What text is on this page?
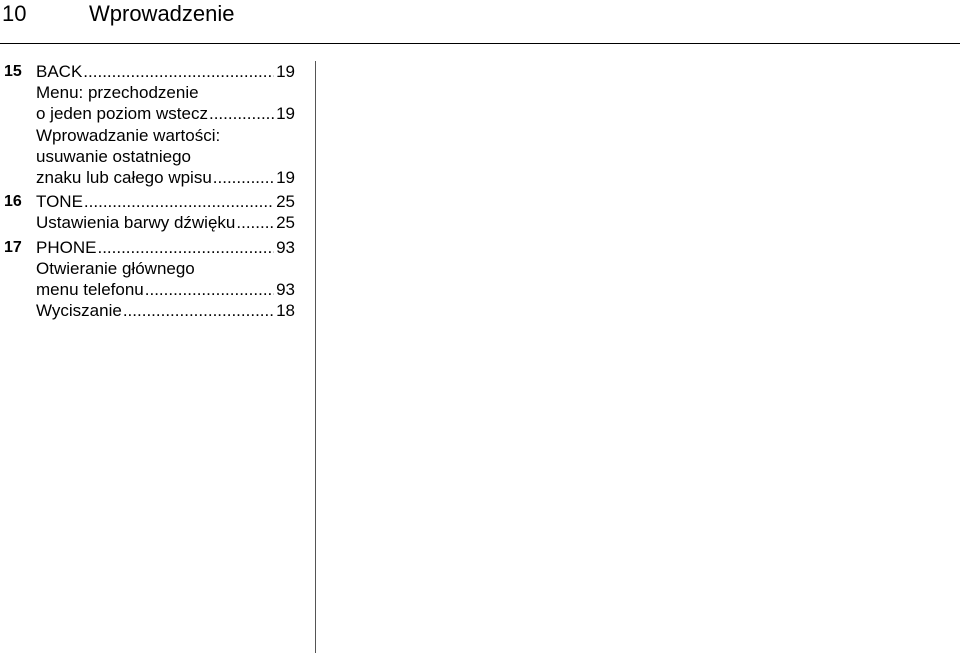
10	Wprowadzenie
15 BACK .....	19
Menu: przechodzenie
o jeden poziom wstecz .....	19
Wprowadzanie wartości:
usuwanie ostatniego
znaku lub całego wpisu .....	19
16 TONE .....	25
Ustawienia barwy dźwięku ..... 25
17 PHONE .....	93
Otwieranie głównego
menu telefonu .....	93
Wyciszanie .....	18
